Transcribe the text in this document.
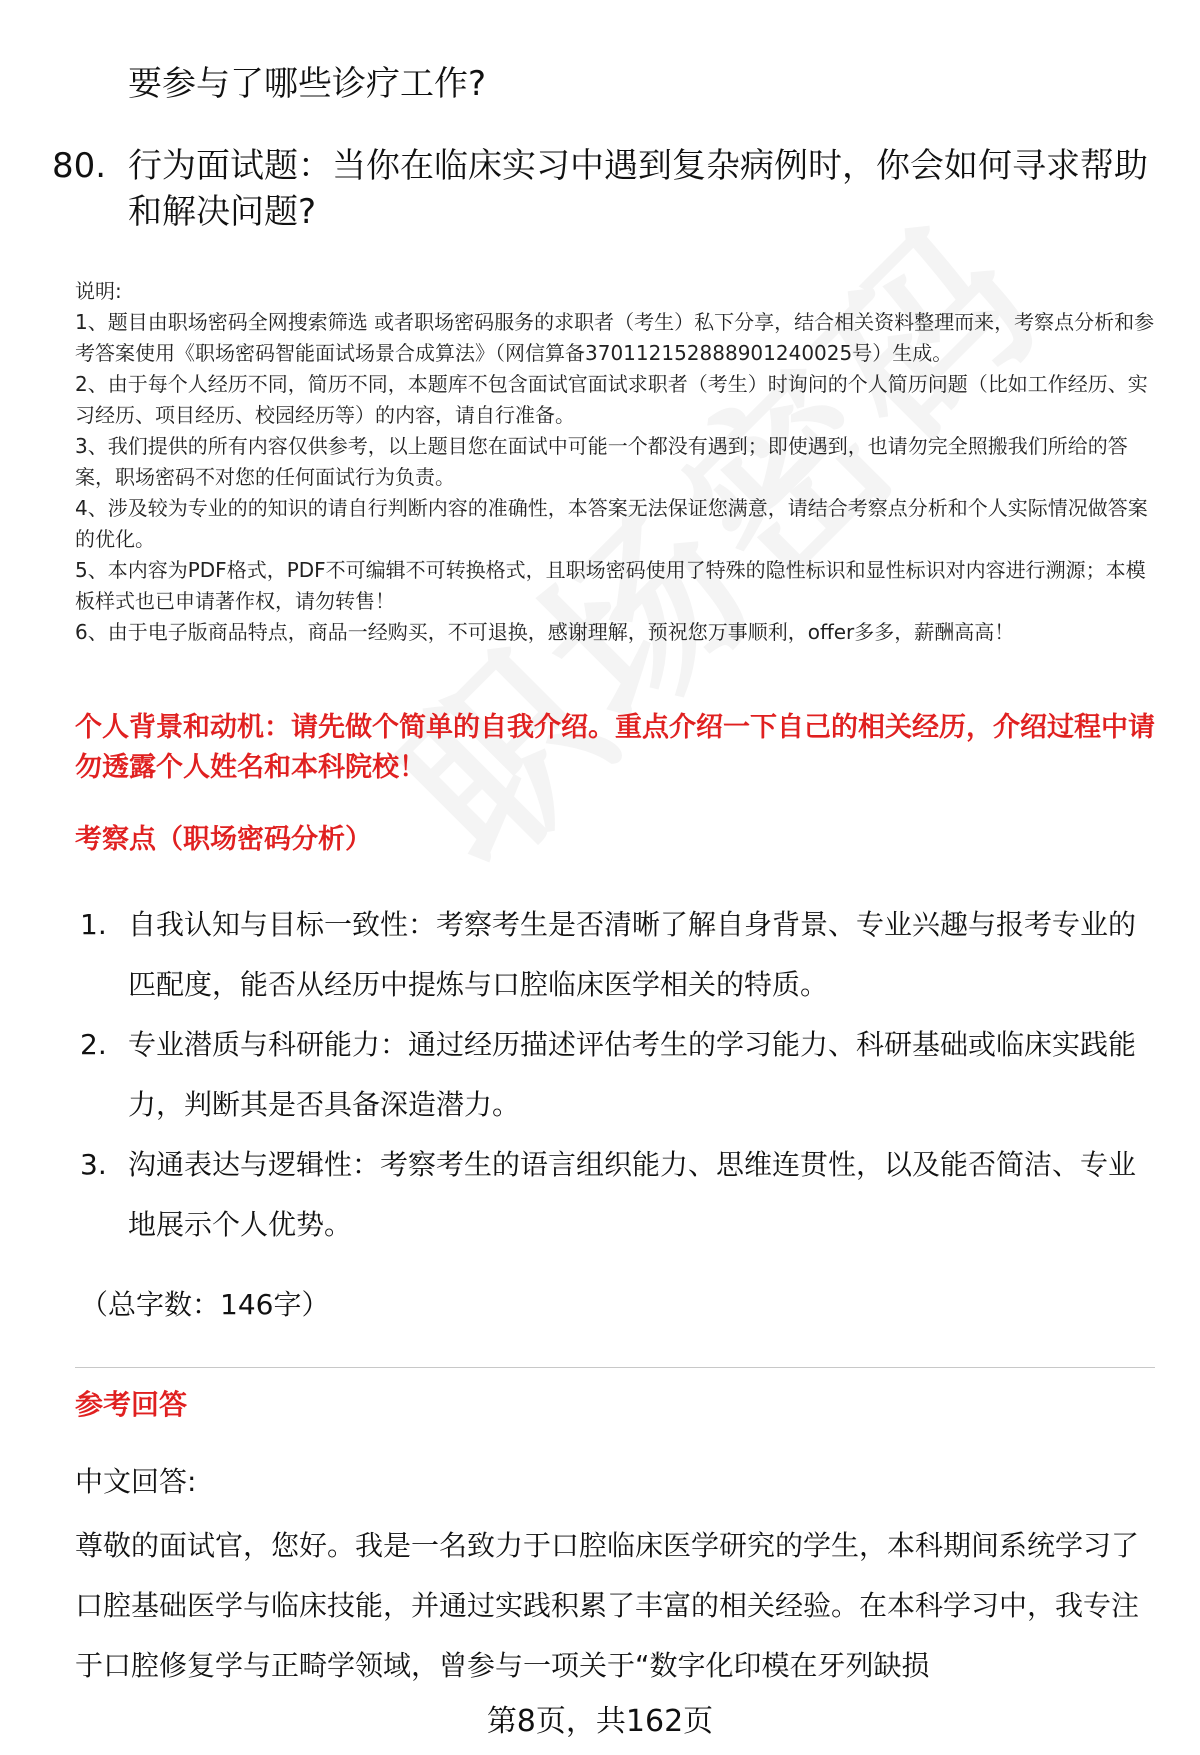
要参与了哪些诊疗工作?
80. 行为面试题：当你在临床实习中遇到复杂病例时，你会如何寻求帮助和解决问题?

说明:

1、题目由职场密码全网搜索筛选 或者职场密码服务的求职者（考生）私下分享，结合相关资料整理而来，考察点分析和参考答案使用《职场密码智能面试场景合成算法》（网信算备370112152888901240025号）生成。

2、由于每个人经历不同，简历不同，本题库不包含面试官面试求职者（考生）时询问的个人简历问题（比如工作经历、实习经历、项目经历、校园经历等）的内容，请自行准备。

3、我们提供的所有内容仅供参考，以上题目您在面试中可能一个都没有遇到；即使遇到，也请勿完全照搬我们所给的答案，职场密码不对您的任何面试行为负责。

4、涉及较为专业的的知识的请自行判断内容的准确性，本答案无法保证您满意，请结合考察点分析和个人实际情况做答案的优化。

5、本内容为PDF格式，PDF不可编辑不可转换格式，且职场密码使用了特殊的隐性标识和显性标识对内容进行溯源；本模板样式也已申请著作权，请勿转售！

6、由于电子版商品特点，商品一经购买，不可退换，感谢理解，预祝您万事顺利，offer多多，薪酬高高！

个人背景和动机：请先做个简单的自我介绍。重点介绍一下自己的相关经历，介绍过程中请勿透露个人姓名和本科院校！
考察点（职场密码分析）
1. 自我认知与目标一致性：考察考生是否清晰了解自身背景、专业兴趣与报考专业的匹配度，能否从经历中提炼与口腔临床医学相关的特质。
2. 专业潜质与科研能力：通过经历描述评估考生的学习能力、科研基础或临床实践能力，判断其是否具备深造潜力。
3. 沟通表达与逻辑性：考察考生的语言组织能力、思维连贯性，以及能否简洁、专业地展示个人优势。
（总字数：146字）
参考回答
中文回答:
尊敬的面试官，您好。我是一名致力于口腔临床医学研究的学生，本科期间系统学习了口腔基础医学与临床技能，并通过实践积累了丰富的相关经验。在本科学习中，我专注于口腔修复学与正畸学领域，曾参与一项关于“数字化印模在牙列缺损
第8页，共162页
